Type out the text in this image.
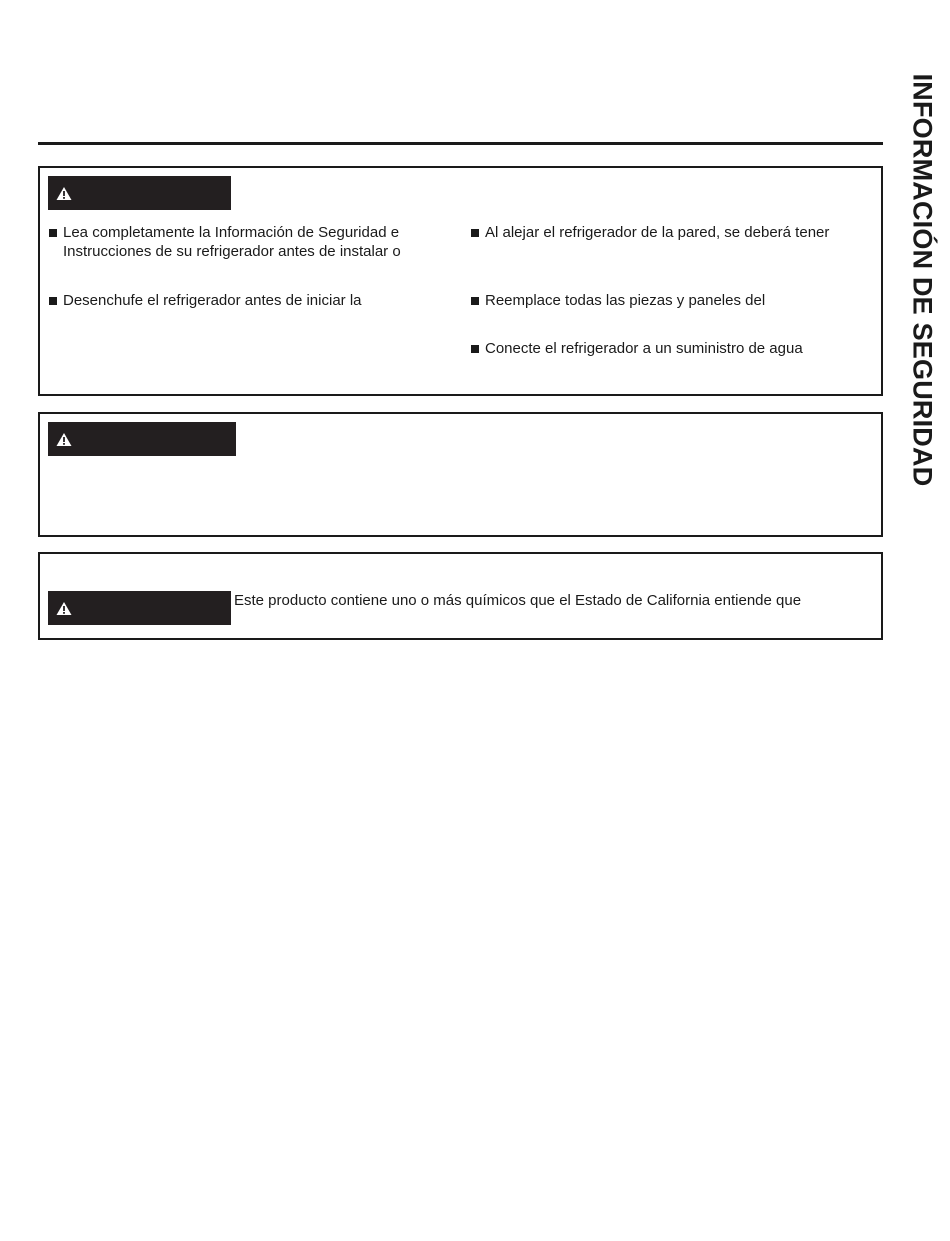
INFORMACIÓN DE SEGURIDAD
Lea completamente la Información de Seguridad e Instrucciones de su refrigerador antes de instalar o
Desenchufe el refrigerador antes de iniciar la
Al alejar el refrigerador de la pared, se deberá tener
Reemplace todas las piezas y paneles del
Conecte el refrigerador a un suministro de agua
Este producto contiene uno o más químicos que el Estado de California entiende que
